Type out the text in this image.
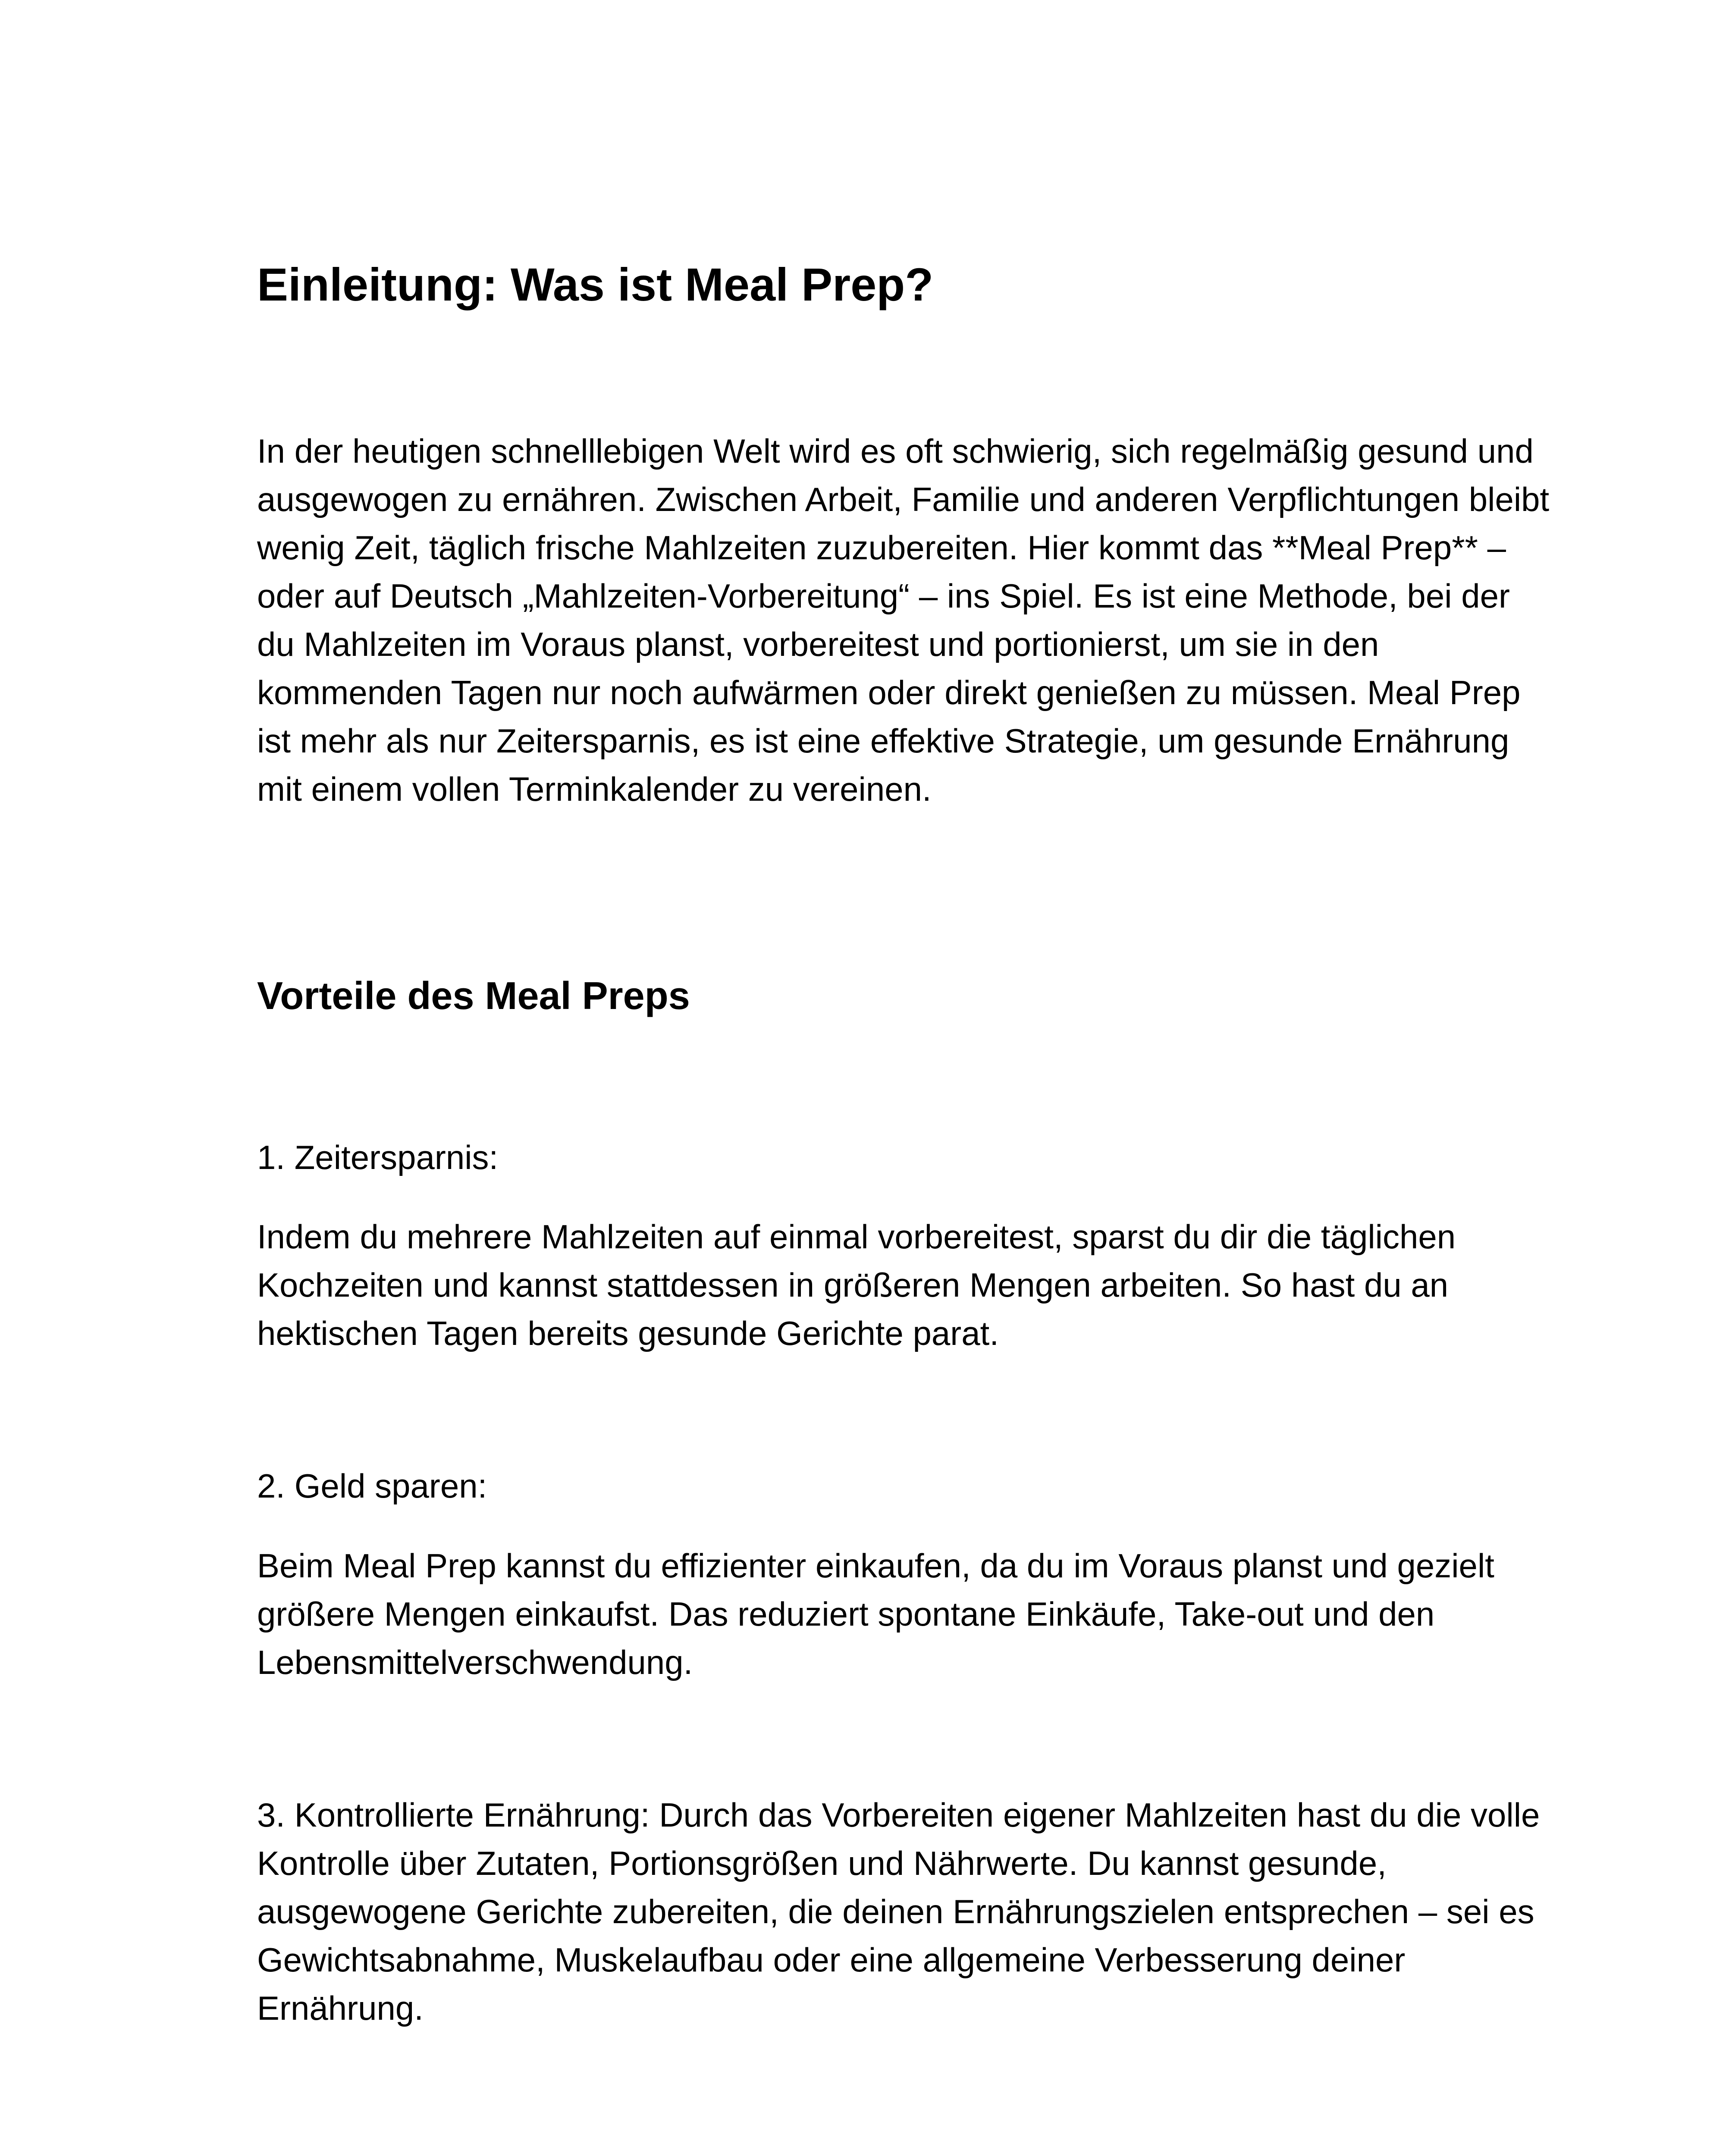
Einleitung: Was ist Meal Prep?

In der heutigen schnelllebigen Welt wird es oft schwierig, sich regelmäßig gesund und ausgewogen zu ernähren. Zwischen Arbeit, Familie und anderen Verpflichtungen bleibt wenig Zeit, täglich frische Mahlzeiten zuzubereiten. Hier kommt das **Meal Prep** – oder auf Deutsch „Mahlzeiten-Vorbereitung“ – ins Spiel. Es ist eine Methode, bei der du Mahlzeiten im Voraus planst, vorbereitest und portionierst, um sie in den kommenden Tagen nur noch aufwärmen oder direkt genießen zu müssen. Meal Prep ist mehr als nur Zeitersparnis, es ist eine effektive Strategie, um gesunde Ernährung mit einem vollen Terminkalender zu vereinen.

Vorteile des Meal Preps

1. Zeitersparnis:

Indem du mehrere Mahlzeiten auf einmal vorbereitest, sparst du dir die täglichen Kochzeiten und kannst stattdessen in größeren Mengen arbeiten. So hast du an hektischen Tagen bereits gesunde Gerichte parat.

2. Geld sparen:

Beim Meal Prep kannst du effizienter einkaufen, da du im Voraus planst und gezielt größere Mengen einkaufst. Das reduziert spontane Einkäufe, Take-out und den Lebensmittelverschwendung.

3. Kontrollierte Ernährung: Durch das Vorbereiten eigener Mahlzeiten hast du die volle Kontrolle über Zutaten, Portionsgrößen und Nährwerte. Du kannst gesunde, ausgewogene Gerichte zubereiten, die deinen Ernährungszielen entsprechen – sei es Gewichtsabnahme, Muskelaufbau oder eine allgemeine Verbesserung deiner Ernährung.
